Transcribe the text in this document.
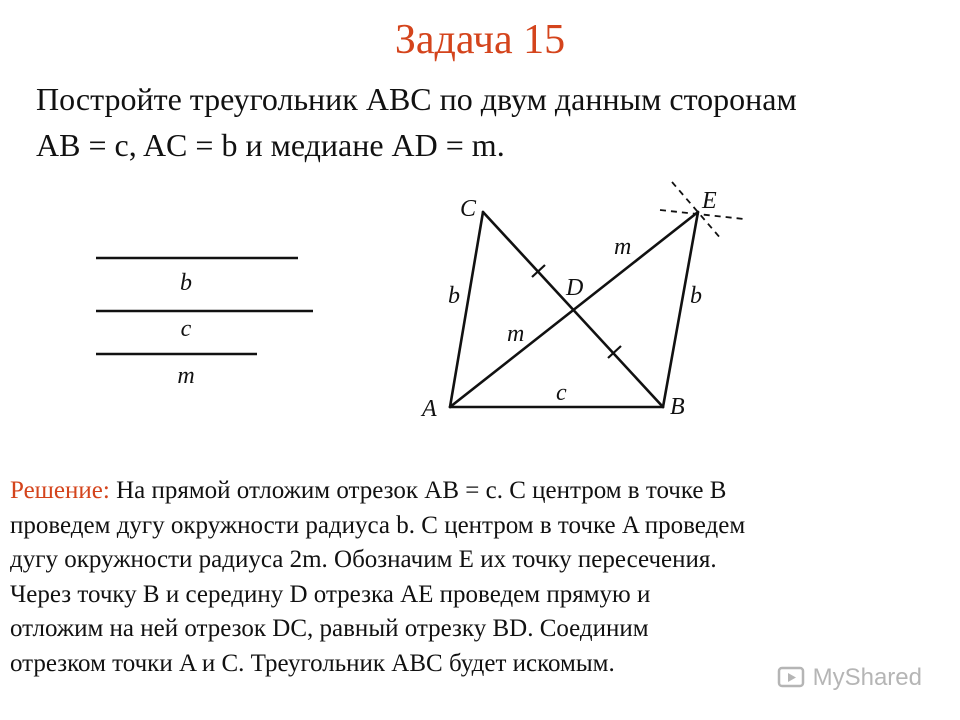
Задача 15

Постройте треугольник ABC по двум данным сторонам
AB = c, AC = b и медиане AD = m.

b
c
m
A	B
C
D
E
b	b
c
m
m

Решение: На прямой отложим отрезок AB = c. С центром в точке B
проведем дугу окружности радиуса b. С центром в точке A проведем
дугу окружности радиуса 2m. Обозначим E их точку пересечения.
Через точку B и середину D отрезка AE проведем прямую и
отложим на ней отрезок DC, равный отрезку BD. Соединим
отрезком точки A и C. Треугольник ABC будет искомым.

MyShared
